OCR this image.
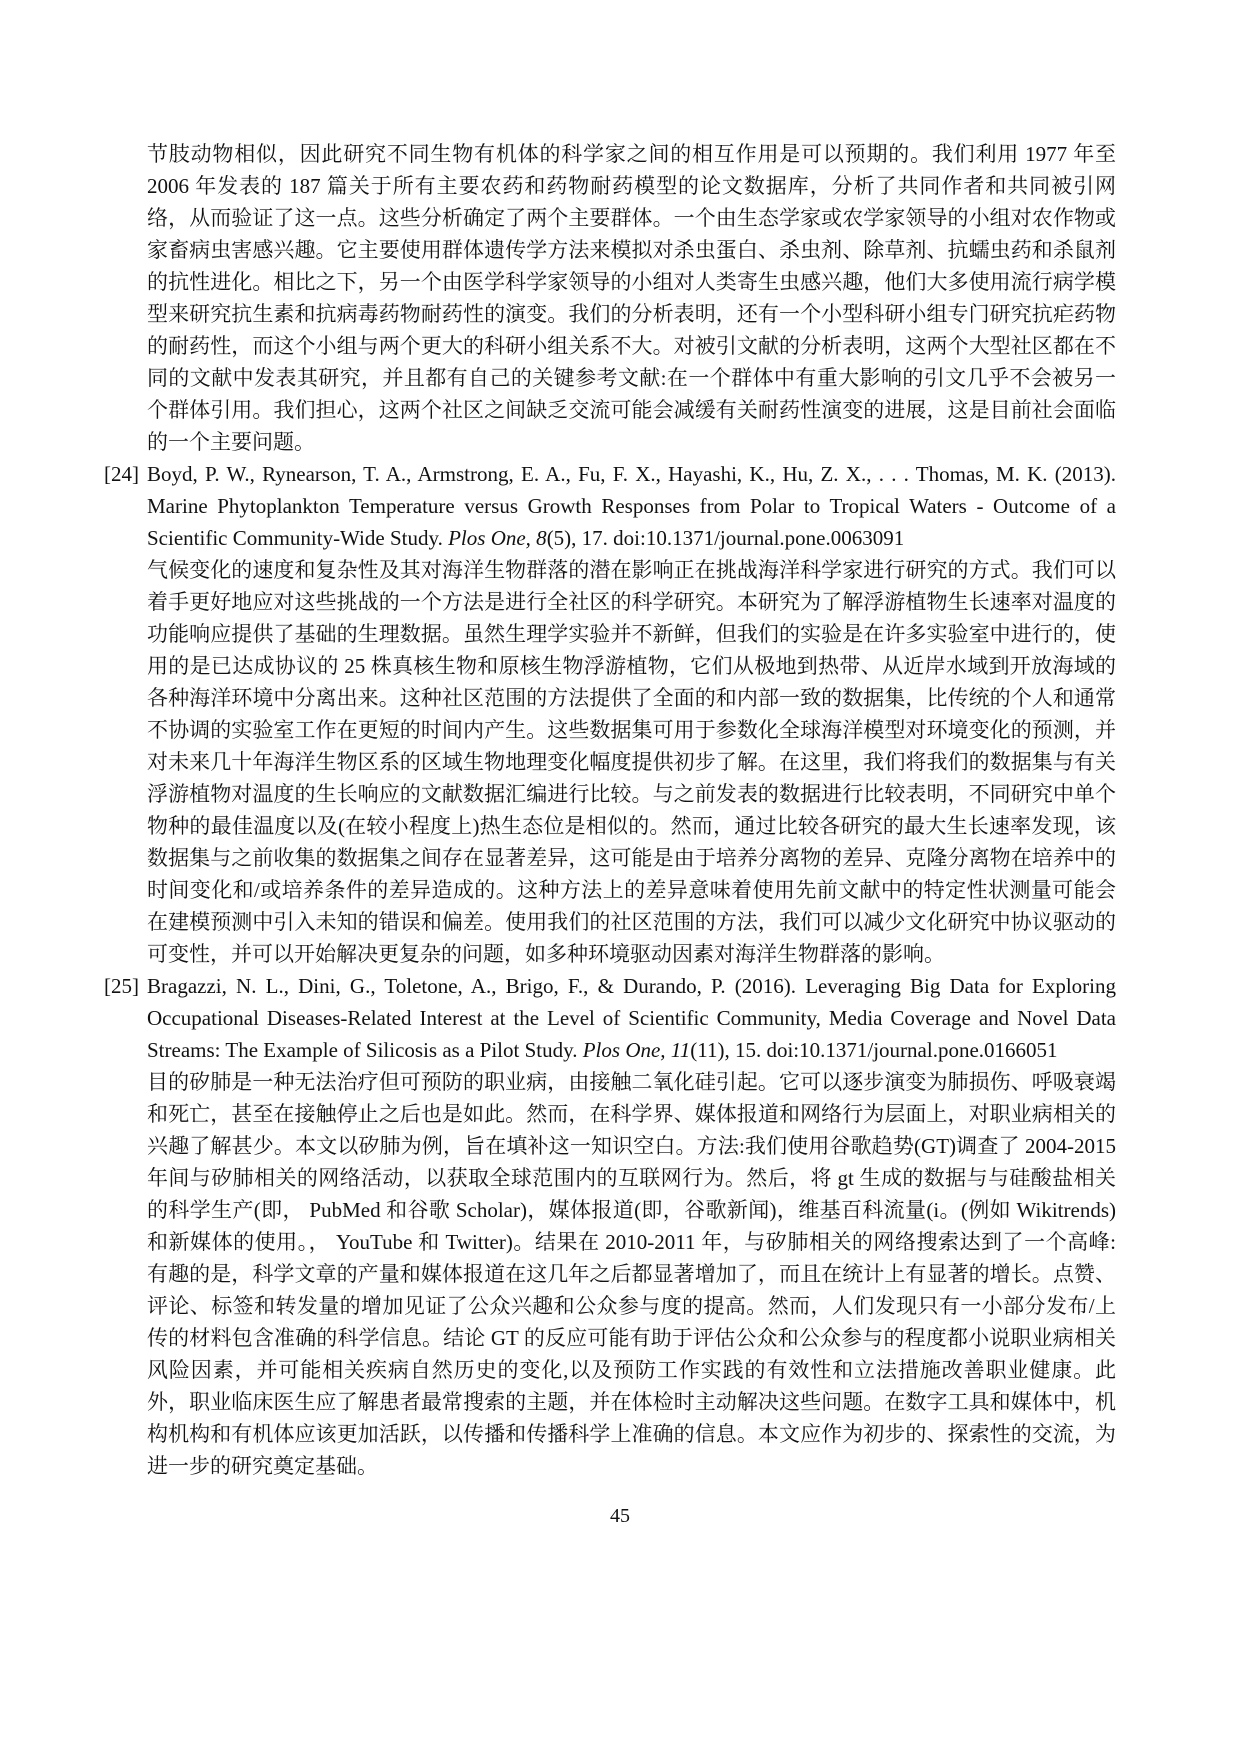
节肢动物相似，因此研究不同生物有机体的科学家之间的相互作用是可以预期的。我们利用 1977 年至 2006 年发表的 187 篇关于所有主要农药和药物耐药模型的论文数据库，分析了共同作者和共同被引网络，从而验证了这一点。这些分析确定了两个主要群体。一个由生态学家或农学家领导的小组对农作物或家畜病虫害感兴趣。它主要使用群体遗传学方法来模拟对杀虫蛋白、杀虫剂、除草剂、抗蠕虫药和杀鼠剂的抗性进化。相比之下，另一个由医学科学家领导的小组对人类寄生虫感兴趣，他们大多使用流行病学模型来研究抗生素和抗病毒药物耐药性的演变。我们的分析表明，还有一个小型科研小组专门研究抗疟药物的耐药性，而这个小组与两个更大的科研小组关系不大。对被引文献的分析表明，这两个大型社区都在不同的文献中发表其研究，并且都有自己的关键参考文献:在一个群体中有重大影响的引文几乎不会被另一个群体引用。我们担心，这两个社区之间缺乏交流可能会减缓有关耐药性演变的进展，这是目前社会面临的一个主要问题。

[24] Boyd, P. W., Rynearson, T. A., Armstrong, E. A., Fu, F. X., Hayashi, K., Hu, Z. X., . . . Thomas, M. K. (2013). Marine Phytoplankton Temperature versus Growth Responses from Polar to Tropical Waters - Outcome of a Scientific Community-Wide Study. Plos One, 8(5), 17. doi:10.1371/journal.pone.0063091

气候变化的速度和复杂性及其对海洋生物群落的潜在影响正在挑战海洋科学家进行研究的方式。我们可以着手更好地应对这些挑战的一个方法是进行全社区的科学研究。本研究为了解浮游植物生长速率对温度的功能响应提供了基础的生理数据。虽然生理学实验并不新鲜，但我们的实验是在许多实验室中进行的，使用的是已达成协议的 25 株真核生物和原核生物浮游植物，它们从极地到热带、从近岸水域到开放海域的各种海洋环境中分离出来。这种社区范围的方法提供了全面的和内部一致的数据集，比传统的个人和通常不协调的实验室工作在更短的时间内产生。这些数据集可用于参数化全球海洋模型对环境变化的预测，并对未来几十年海洋生物区系的区域生物地理变化幅度提供初步了解。在这里，我们将我们的数据集与有关浮游植物对温度的生长响应的文献数据汇编进行比较。与之前发表的数据进行比较表明，不同研究中单个物种的最佳温度以及(在较小程度上)热生态位是相似的。然而，通过比较各研究的最大生长速率发现，该数据集与之前收集的数据集之间存在显著差异，这可能是由于培养分离物的差异、克隆分离物在培养中的时间变化和/或培养条件的差异造成的。这种方法上的差异意味着使用先前文献中的特定性状测量可能会在建模预测中引入未知的错误和偏差。使用我们的社区范围的方法，我们可以减少文化研究中协议驱动的可变性，并可以开始解决更复杂的问题，如多种环境驱动因素对海洋生物群落的影响。

[25] Bragazzi, N. L., Dini, G., Toletone, A., Brigo, F., & Durando, P. (2016). Leveraging Big Data for Exploring Occupational Diseases-Related Interest at the Level of Scientific Community, Media Coverage and Novel Data Streams: The Example of Silicosis as a Pilot Study. Plos One, 11(11), 15. doi:10.1371/journal.pone.0166051

目的矽肺是一种无法治疗但可预防的职业病，由接触二氧化硅引起。它可以逐步演变为肺损伤、呼吸衰竭和死亡，甚至在接触停止之后也是如此。然而，在科学界、媒体报道和网络行为层面上，对职业病相关的兴趣了解甚少。本文以矽肺为例，旨在填补这一知识空白。方法:我们使用谷歌趋势(GT)调查了 2004-2015 年间与矽肺相关的网络活动，以获取全球范围内的互联网行为。然后，将 gt 生成的数据与与硅酸盐相关的科学生产(即， PubMed 和谷歌 Scholar)，媒体报道(即，谷歌新闻)，维基百科流量(i。(例如 Wikitrends)和新媒体的使用。， YouTube 和 Twitter)。结果在 2010-2011 年，与矽肺相关的网络搜索达到了一个高峰:有趣的是，科学文章的产量和媒体报道在这几年之后都显著增加了，而且在统计上有显著的增长。点赞、评论、标签和转发量的增加见证了公众兴趣和公众参与度的提高。然而，人们发现只有一小部分发布/上传的材料包含准确的科学信息。结论 GT 的反应可能有助于评估公众和公众参与的程度都小说职业病相关风险因素，并可能相关疾病自然历史的变化,以及预防工作实践的有效性和立法措施改善职业健康。此外，职业临床医生应了解患者最常搜索的主题，并在体检时主动解决这些问题。在数字工具和媒体中，机构机构和有机体应该更加活跃，以传播和传播科学上准确的信息。本文应作为初步的、探索性的交流，为进一步的研究奠定基础。

45
